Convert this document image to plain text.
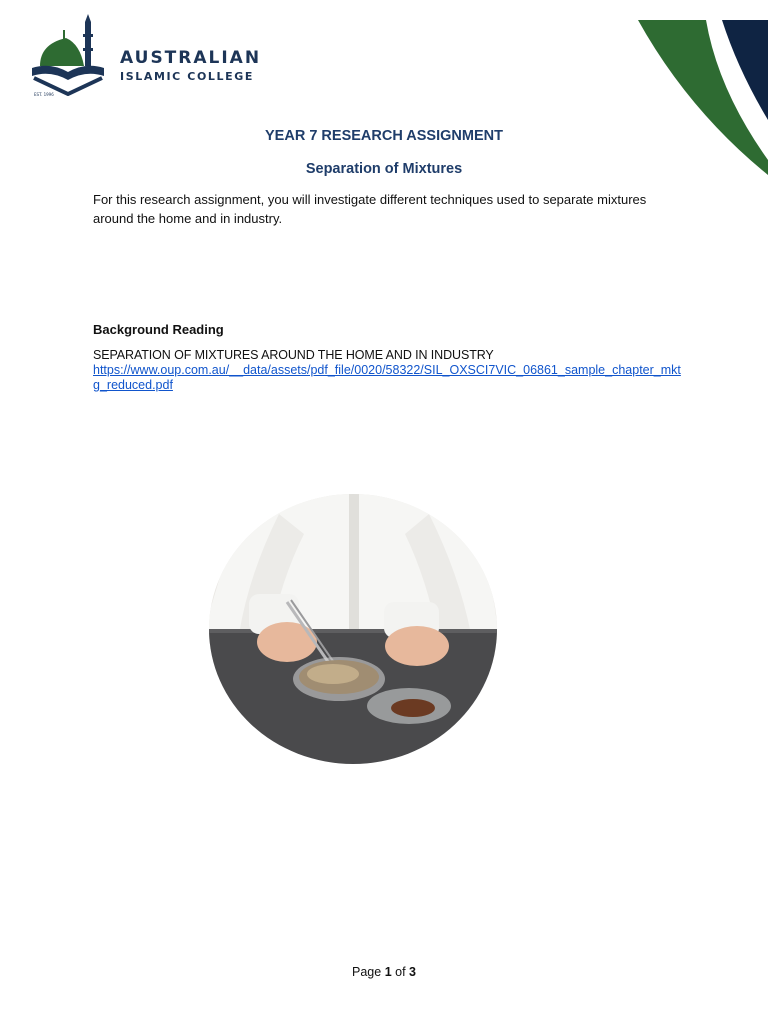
EST. 1996
AUSTRALIAN
ISLAMIC COLLEGE
YEAR 7 RESEARCH ASSIGNMENT
Separation of Mixtures

For this research assignment, you will investigate different techniques used to separate mixtures around the home and in industry.

Background Reading

SEPARATION OF MIXTURES AROUND THE HOME AND IN INDUSTRY

https://www.oup.com.au/__data/assets/pdf_file/0020/58322/SIL_OXSCI7VIC_06861_sample_chapter_mktg_reduced.pdf
Page 1 of 3
